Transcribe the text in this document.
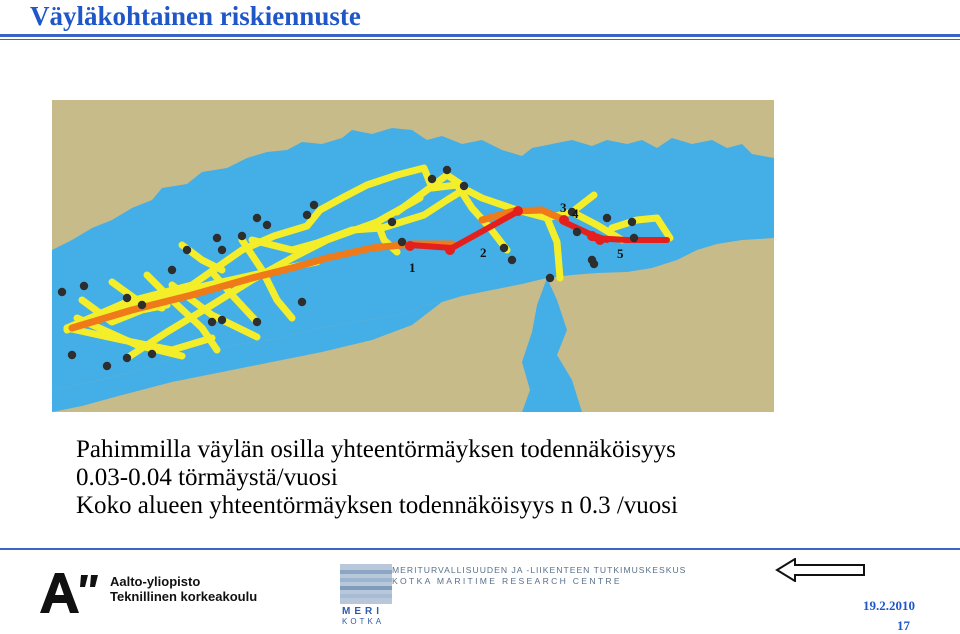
Väyläkohtainen riskiennuste
1
2
3 4
5
Pahimmilla väylän osilla yhteentörmäyksen todennäköisyys
0.03-0.04 törmäystä/vuosi
Koko alueen yhteentörmäyksen todennäköisyys n 0.3 /vuosi
Aalto-yliopisto
Teknillinen korkeakoulu
MERI
KOTKA
MERITURVALLISUUDEN JA -LIIKENTEEN TUTKIMUSKESKUS
KOTKA MARITIME RESEARCH CENTRE
19.2.2010
17
